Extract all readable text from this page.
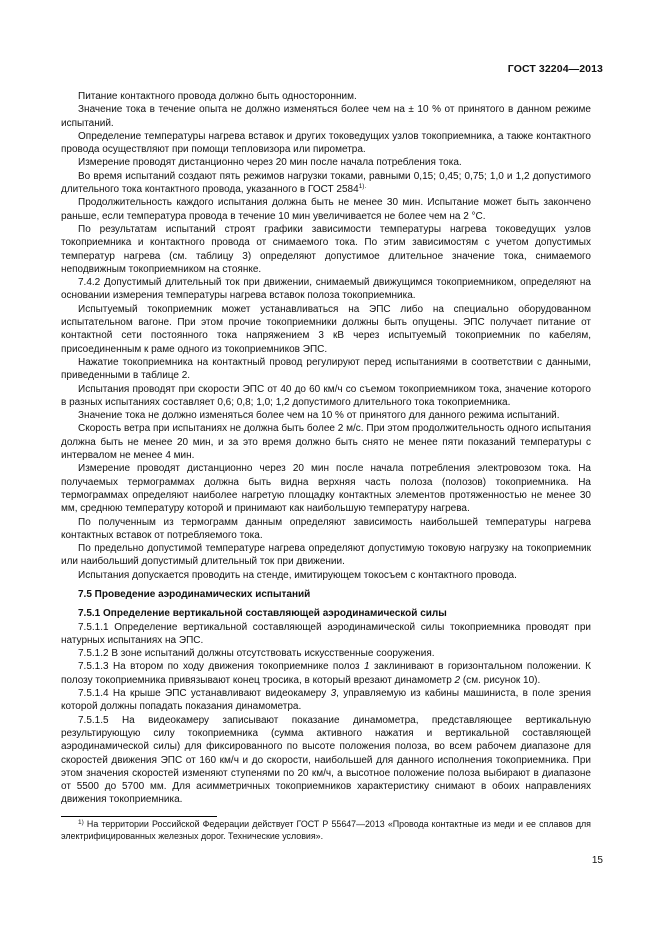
ГОСТ 32204—2013

Питание контактного провода должно быть односторонним.

Значение тока в течение опыта не должно изменяться более чем на ± 10 % от принятого в данном режиме испытаний.

Определение температуры нагрева вставок и других токоведущих узлов токоприемника, а также контактного провода осуществляют при помощи тепловизора или пирометра.

Измерение проводят дистанционно через 20 мин после начала потребления тока.

Во время испытаний создают пять режимов нагрузки токами, равными 0,15; 0,45; 0,75; 1,0 и 1,2 допустимого длительного тока контактного провода, указанного в ГОСТ $2584^{1).}$

Продолжительность каждого испытания должна быть не менее 30 мин. Испытание может быть закончено раньше, если температура провода в течение 10 мин увеличивается не более чем на 2 °С.

По результатам испытаний строят графики зависимости температуры нагрева токоведущих узлов токоприемника и контактного провода от снимаемого тока. По этим зависимостям с учетом допустимых температур нагрева (см. таблицу 3) определяют допустимое длительное значение тока, снимаемого неподвижным токоприемником на стоянке.

7.4.2 Допустимый длительный ток при движении, снимаемый движущимся токоприемником, определяют на основании измерения температуры нагрева вставок полоза токоприемника.

Испытуемый токоприемник может устанавливаться на ЭПС либо на специально оборудованном испытательном вагоне. При этом прочие токоприемники должны быть опущены. ЭПС получает питание от контактной сети постоянного тока напряжением 3 кВ через испытуемый токоприемник по кабелям, присоединенным к раме одного из токоприемников ЭПС.

Нажатие токоприемника на контактный провод регулируют перед испытаниями в соответствии с данными, приведенными в таблице 2.

Испытания проводят при скорости ЭПС от 40 до 60 км/ч со съемом токоприемником тока, значение которого в разных испытаниях составляет 0,6; 0,8; 1,0; 1,2 допустимого длительного тока токоприемника.

Значение тока не должно изменяться более чем на 10 % от принятого для данного режима испытаний.

Скорость ветра при испытаниях не должна быть более 2 м/с. При этом продолжительность одного испытания должна быть не менее 20 мин, и за это время должно быть снято не менее пяти показаний температуры с интервалом не менее 4 мин.

Измерение проводят дистанционно через 20 мин после начала потребления электровозом тока. На получаемых термограммах должна быть видна верхняя часть полоза (полозов) токоприемника. На термограммах определяют наиболее нагретую площадку контактных элементов протяженностью не менее 30 мм, среднюю температуру которой и принимают как наибольшую температуру нагрева.

По полученным из термограмм данным определяют зависимость наибольшей температуры нагрева контактных вставок от потребляемого тока.

По предельно допустимой температуре нагрева определяют допустимую токовую нагрузку на токоприемник или наибольший допустимый длительный ток при движении.

Испытания допускается проводить на стенде, имитирующем токосъем с контактного провода.

7.5 Проведение аэродинамических испытаний

7.5.1 Определение вертикальной составляющей аэродинамической силы

7.5.1.1 Определение вертикальной составляющей аэродинамической силы токоприемника проводят при натурных испытаниях на ЭПС.

7.5.1.2 В зоне испытаний должны отсутствовать искусственные сооружения.

7.5.1.3 На втором по ходу движения токоприемнике полоз 1 заклинивают в горизонтальном положении. К полозу токоприемника привязывают конец тросика, в который врезают динамометр 2 (см. рисунок 10).

7.5.1.4 На крыше ЭПС устанавливают видеокамеру 3, управляемую из кабины машиниста, в поле зрения которой должны попадать показания динамометра.

7.5.1.5 На видеокамеру записывают показание динамометра, представляющее вертикальную результирующую силу токоприемника (сумма активного нажатия и вертикальной составляющей аэродинамической силы) для фиксированного по высоте положения полоза, во всем рабочем диапазоне для скоростей движения ЭПС от 160 км/ч и до скорости, наибольшей для данного исполнения токоприемника. При этом значения скоростей изменяют ступенями по 20 км/ч, а высотное положение полоза выбирают в диапазоне от 5500 до 5700 мм. Для асимметричных токоприемников характеристику снимают в обоих направлениях движения токоприемника.

$^{1)}$ На территории Российской Федерации действует ГОСТ Р 55647—2013 «Провода контактные из меди и ее сплавов для электрифицированных железных дорог. Технические условия».

15
